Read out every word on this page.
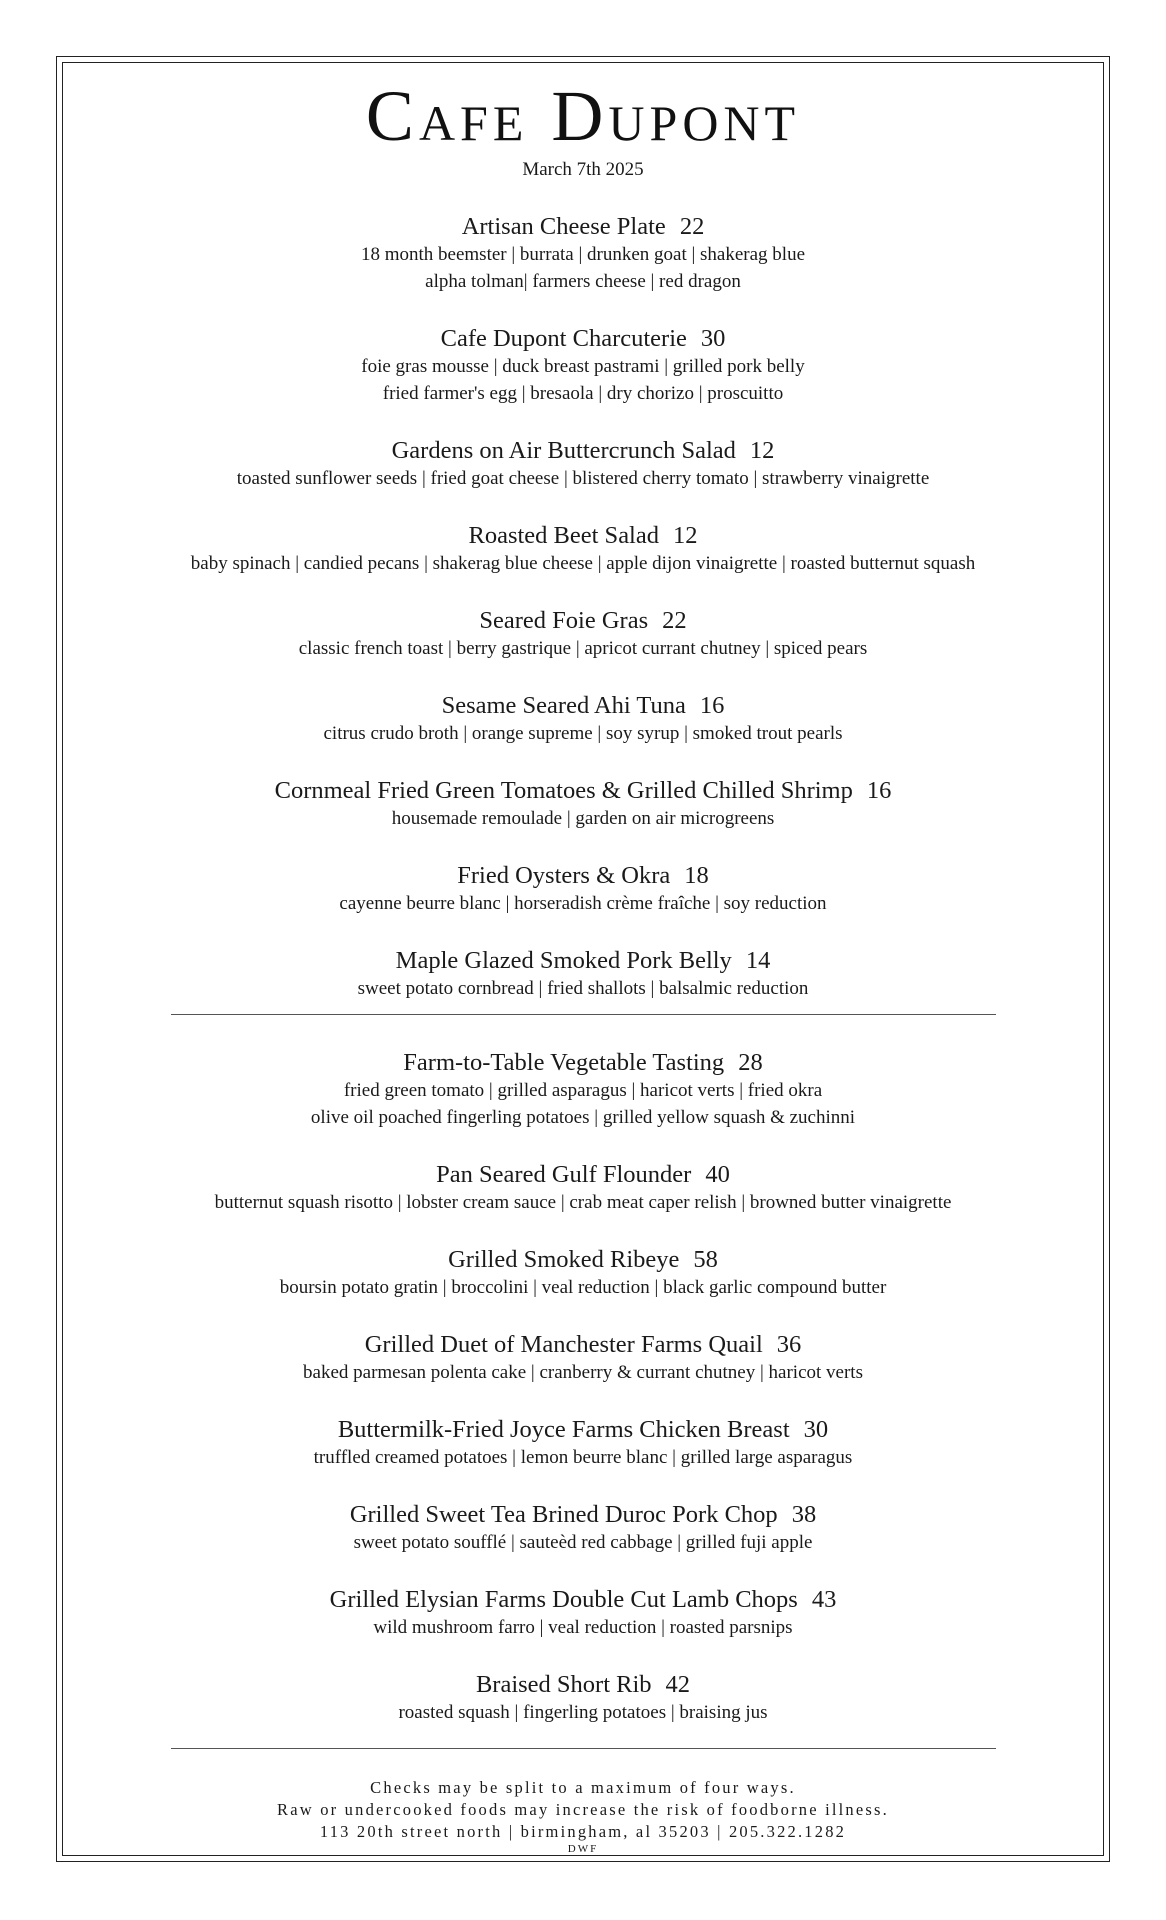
Cafe Dupont
March 7th 2025
Artisan Cheese Plate 22
18 month beemster | burrata | drunken goat | shakerag blue
alpha tolman| farmers cheese | red dragon
Cafe Dupont Charcuterie 30
foie gras mousse | duck breast pastrami | grilled pork belly
fried farmer's egg | bresaola | dry chorizo | proscuitto
Gardens on Air Buttercrunch Salad 12
toasted sunflower seeds | fried goat cheese | blistered cherry tomato | strawberry vinaigrette
Roasted Beet Salad 12
baby spinach | candied pecans | shakerag blue cheese | apple dijon vinaigrette | roasted butternut squash
Seared Foie Gras 22
classic french toast | berry gastrique | apricot currant chutney | spiced pears
Sesame Seared Ahi Tuna 16
citrus crudo broth | orange supreme | soy syrup | smoked trout pearls
Cornmeal Fried Green Tomatoes & Grilled Chilled Shrimp 16
housemade remoulade | garden on air microgreens
Fried Oysters & Okra 18
cayenne beurre blanc | horseradish crème fraîche | soy reduction
Maple Glazed Smoked Pork Belly 14
sweet potato cornbread | fried shallots | balsalmic reduction
Farm-to-Table Vegetable Tasting 28
fried green tomato | grilled asparagus | haricot verts | fried okra
olive oil poached fingerling potatoes | grilled yellow squash & zuchinni
Pan Seared Gulf Flounder 40
butternut squash risotto | lobster cream sauce | crab meat caper relish | browned butter vinaigrette
Grilled Smoked Ribeye 58
boursin potato gratin | broccolini | veal reduction | black garlic compound butter
Grilled Duet of Manchester Farms Quail 36
baked parmesan polenta cake | cranberry & currant chutney | haricot verts
Buttermilk-Fried Joyce Farms Chicken Breast 30
truffled creamed potatoes | lemon beurre blanc | grilled large asparagus
Grilled Sweet Tea Brined Duroc Pork Chop 38
sweet potato soufflé | sauteèd red cabbage | grilled fuji apple
Grilled Elysian Farms Double Cut Lamb Chops 43
wild mushroom farro | veal reduction | roasted parsnips
Braised Short Rib 42
roasted squash | fingerling potatoes | braising jus
Checks may be split to a maximum of four ways.
Raw or undercooked foods may increase the risk of foodborne illness.
113 20th street north | birmingham, al 35203 | 205.322.1282
DWF
